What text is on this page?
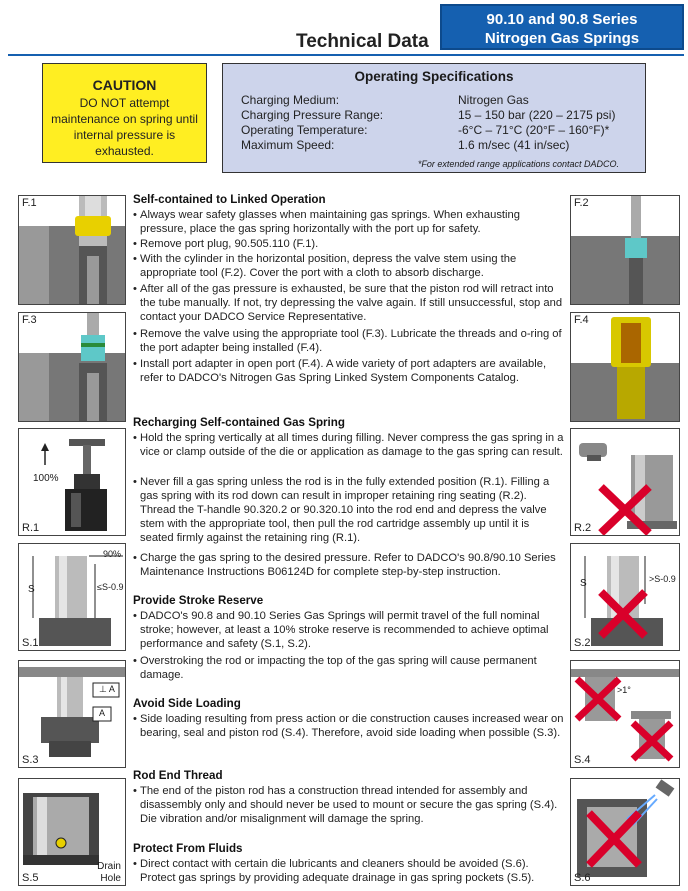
90.10 and 90.8 Series
Nitrogen Gas Springs
Technical Data
CAUTION
DO NOT attempt maintenance on spring until internal pressure is exhausted.
Operating Specifications
Charging Medium:	Nitrogen Gas
Charging Pressure Range:	15 – 150 bar (220 – 2175 psi)
Operating Temperature:	-6°C – 71°C (20°F – 160°F)*
Maximum Speed:	1.6 m/sec (41 in/sec)
*For extended range applications contact DADCO.
F.1
F.3
100%
R.1
90%
S	≤S-0.9
S.1
⊥ A
A
S.3
Drain
Hole
S.5
F.2
F.4
R.2
S	>S-0.9
S.2
>1°
S.4
S.6
Self-contained to Linked Operation
• Always wear safety glasses when maintaining gas springs. When exhausting pressure, place the gas spring horizontally with the port up for safety.
• Remove port plug, 90.505.110 (F.1).
• With the cylinder in the horizontal position, depress the valve stem using the appropriate tool (F.2). Cover the port with a cloth to absorb discharge.
• After all of the gas pressure is exhausted, be sure that the piston rod will retract into the tube manually. If not, try depressing the valve again. If still unsuccessful, stop and contact your DADCO Service Representative.
• Remove the valve using the appropriate tool (F.3). Lubricate the threads and o-ring of the port adapter being installed (F.4).
• Install port adapter in open port (F.4). A wide variety of port adapters are available, refer to DADCO's Nitrogen Gas Spring Linked System Components Catalog.
Recharging Self-contained Gas Spring
• Hold the spring vertically at all times during filling. Never compress the gas spring in a vice or clamp outside of the die or application as damage to the gas spring can result.
• Never fill a gas spring unless the rod is in the fully extended position (R.1). Filling a gas spring with its rod down can result in improper retaining ring seating (R.2). Thread the T-handle 90.320.2 or 90.320.10 into the rod end and depress the valve stem with the appropriate tool, then pull the rod cartridge assembly up until it is seated firmly against the retaining ring (R.1).
• Charge the gas spring to the desired pressure. Refer to DADCO's 90.8/90.10 Series Maintenance Instructions B06124D for complete step-by-step instruction.
Provide Stroke Reserve
• DADCO's 90.8 and 90.10 Series Gas Springs will permit travel of the full nominal stroke; however, at least a 10% stroke reserve is recommended to achieve optimal performance and safety (S.1, S.2).
• Overstroking the rod or impacting the top of the gas spring will cause permanent damage.
Avoid Side Loading
• Side loading resulting from press action or die construction causes increased wear on bearing, seal and piston rod (S.4). Therefore, avoid side loading when possible (S.3).
Rod End Thread
• The end of the piston rod has a construction thread intended for assembly and disassembly only and should never be used to mount or secure the gas spring (S.4). Die vibration and/or misalignment will damage the spring.
Protect From Fluids
• Direct contact with certain die lubricants and cleaners should be avoided (S.6). Protect gas springs by providing adequate drainage in gas spring pockets (S.5).
